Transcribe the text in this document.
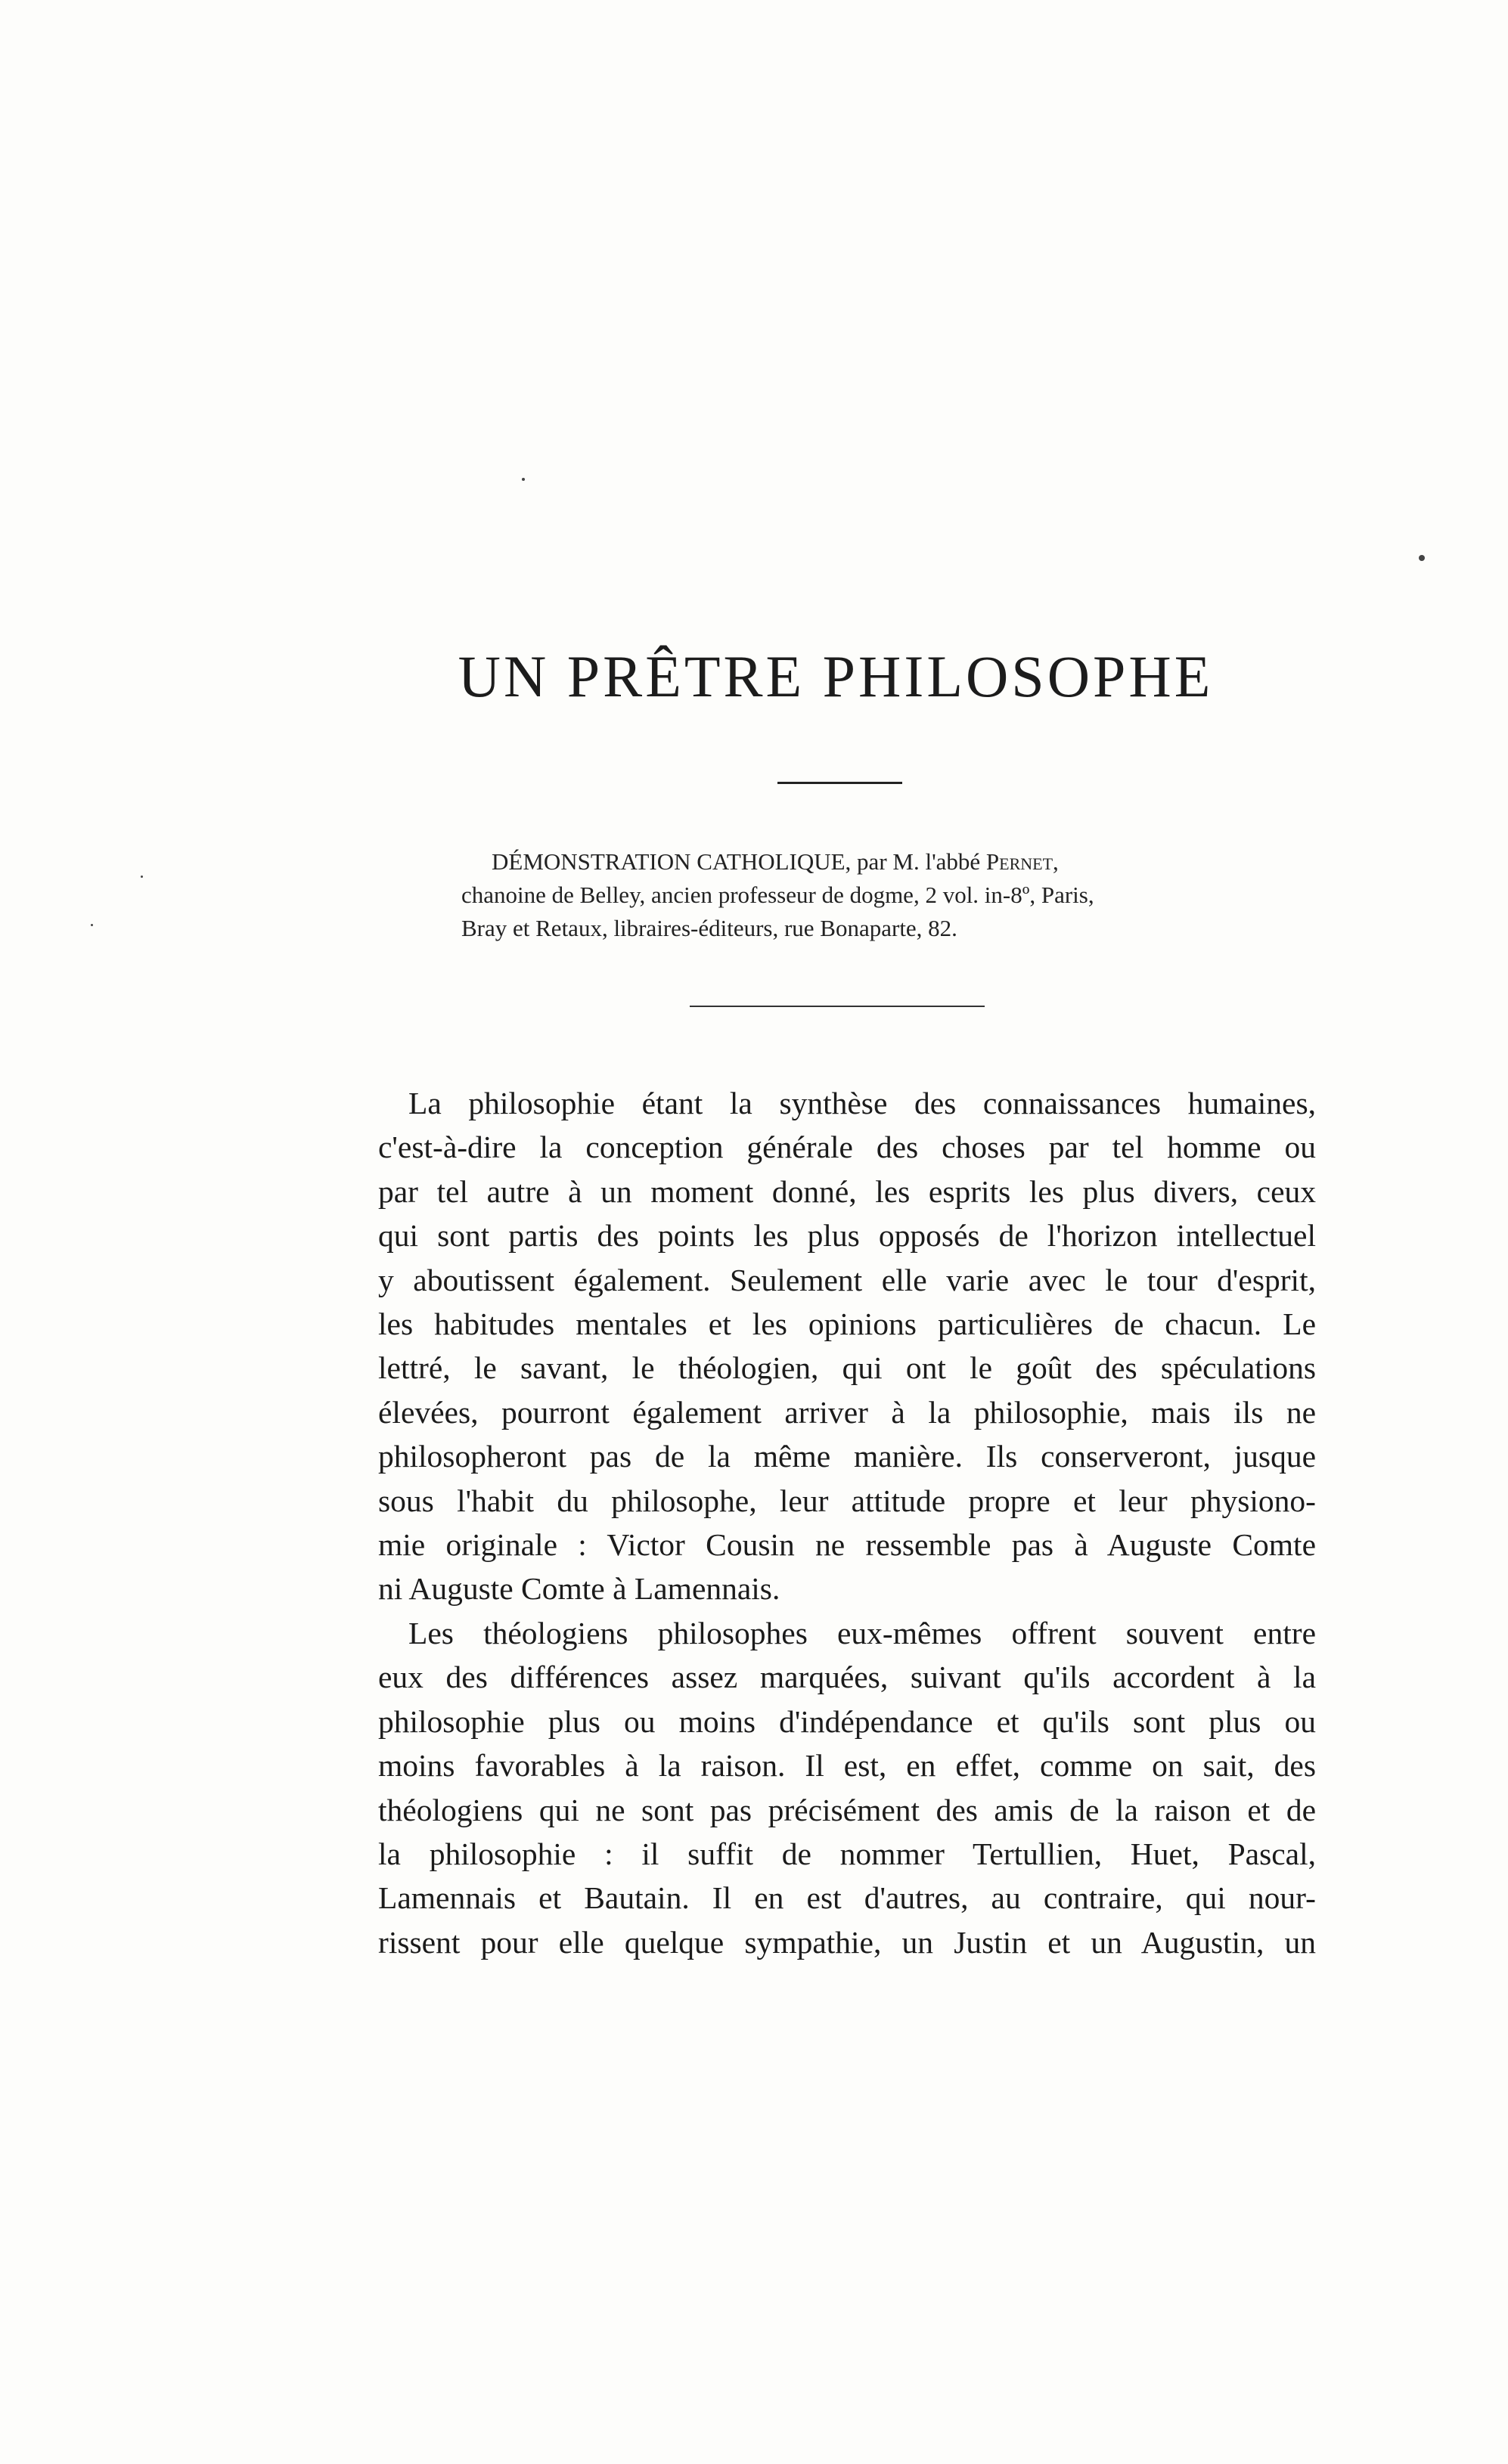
UN PRÊTRE PHILOSOPHE
DÉMONSTRATION CATHOLIQUE, par M. l'abbé Pernet,
chanoine de Belley, ancien professeur de dogme, 2 vol. in-8º, Paris,
Bray et Retaux, libraires-éditeurs, rue Bonaparte, 82.

La philosophie étant la synthèse des connaissances humaines,
c'est-à-dire la conception générale des choses par tel homme ou
par tel autre à un moment donné, les esprits les plus divers, ceux
qui sont partis des points les plus opposés de l'horizon intellectuel
y aboutissent également. Seulement elle varie avec le tour d'esprit,
les habitudes mentales et les opinions particulières de chacun. Le
lettré, le savant, le théologien, qui ont le goût des spéculations
élevées, pourront également arriver à la philosophie, mais ils ne
philosopheront pas de la même manière. Ils conserveront, jusque
sous l'habit du philosophe, leur attitude propre et leur physiono-
mie originale : Victor Cousin ne ressemble pas à Auguste Comte
ni Auguste Comte à Lamennais.

Les théologiens philosophes eux-mêmes offrent souvent entre
eux des différences assez marquées, suivant qu'ils accordent à la
philosophie plus ou moins d'indépendance et qu'ils sont plus ou
moins favorables à la raison. Il est, en effet, comme on sait, des
théologiens qui ne sont pas précisément des amis de la raison et de
la philosophie : il suffit de nommer Tertullien, Huet, Pascal,
Lamennais et Bautain. Il en est d'autres, au contraire, qui nour-
rissent pour elle quelque sympathie, un Justin et un Augustin, un
